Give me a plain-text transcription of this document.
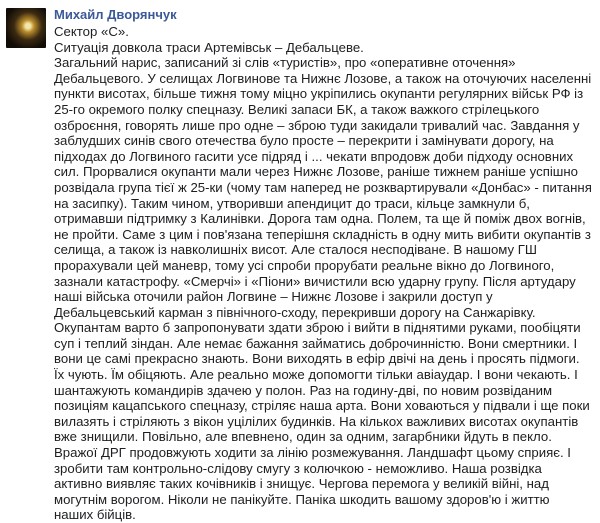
Михайл Дворянчук

Сектор «С».

Ситуація довкола траси Артемівськ – Дебальцеве.

Загальний нарис, записаний зі слів «туристів», про «оперативне оточення» Дебальцевого. У селищах Логвинове та Нижнє Лозове, а також на оточуючих населенні пункти висотах, більше тижня тому міцно укріпились окупанти регулярних військ РФ із 25-го окремого полку спецназу. Великі запаси БК, а також важкого стрілецького озброєння, говорять лише про одне – зброю туди закидали тривалий час. Завдання у заблудших синів свого отечества було просте – перекрити і замінувати дорогу, на підходах до Логвиного гасити усе підряд і ... чекати впродовж доби підходу основних сил. Прорвалися окупанти мали через Нижнє Лозове, раніше тижнем раніше успішно розвідала група тієї ж 25-ки (чому там наперед не розквартирували «Донбас» - питання на засипку). Таким чином, утворивши апендицит до траси, кільце замкнули б, отримавши підтримку з Калинівки. Дорога там одна. Полем, та ще й поміж двох вогнів, не пройти. Саме з цим і пов'язана теперішня складність в одну мить вибити окупантів з селища, а також із навколишніх висот. Але сталося несподіване. В нашому ГШ прорахували цей маневр, тому усі спроби прорубати реальне вікно до Логвиного, зазнали катастрофу. «Смерчі» і «Піони» вичистили всю ударну групу. Після артудару наші війська оточили район Логвине – Нижнє Лозове і закрили доступ у Дебальцевський карман з північного-сходу, перекривши дорогу на Санжарівку. Окупантам варто б запропонувати здати зброю і вийти в піднятими руками, пообіцяти суп і теплий зіндан. Але немає бажання займатись доброчинністю. Вони смертники. І вони це самі прекрасно знають. Вони виходять в ефір двічі на день і просять підмоги. Їх чують. Їм обіцяють. Але реально може допомогти тільки авіаудар. І вони чекають. І шантажують командирів здачею у полон. Раз на годину-дві, по новим розвіданим позиціям кацапського спецназу, стріляє наша арта. Вони ховаються у підвали і ще поки вилазять і стріляють з вікон уцілілих будинків. На кількох важливих висотах окупантів вже знищили. Повільно, але впевнено, один за одним, загарбники йдуть в пекло. Вражої ДРГ продовжують ходити за лінію розмежування. Ландшафт цьому сприяє. І зробити там контрольно-слідову смугу з колючкою - неможливо. Наша розвідка активно виявляє таких кочівників і знищує. Чергова перемога у великій війні, над могутнім ворогом. Ніколи не панікуйте. Паніка шкодить вашому здоров'ю і життю наших бійців.
